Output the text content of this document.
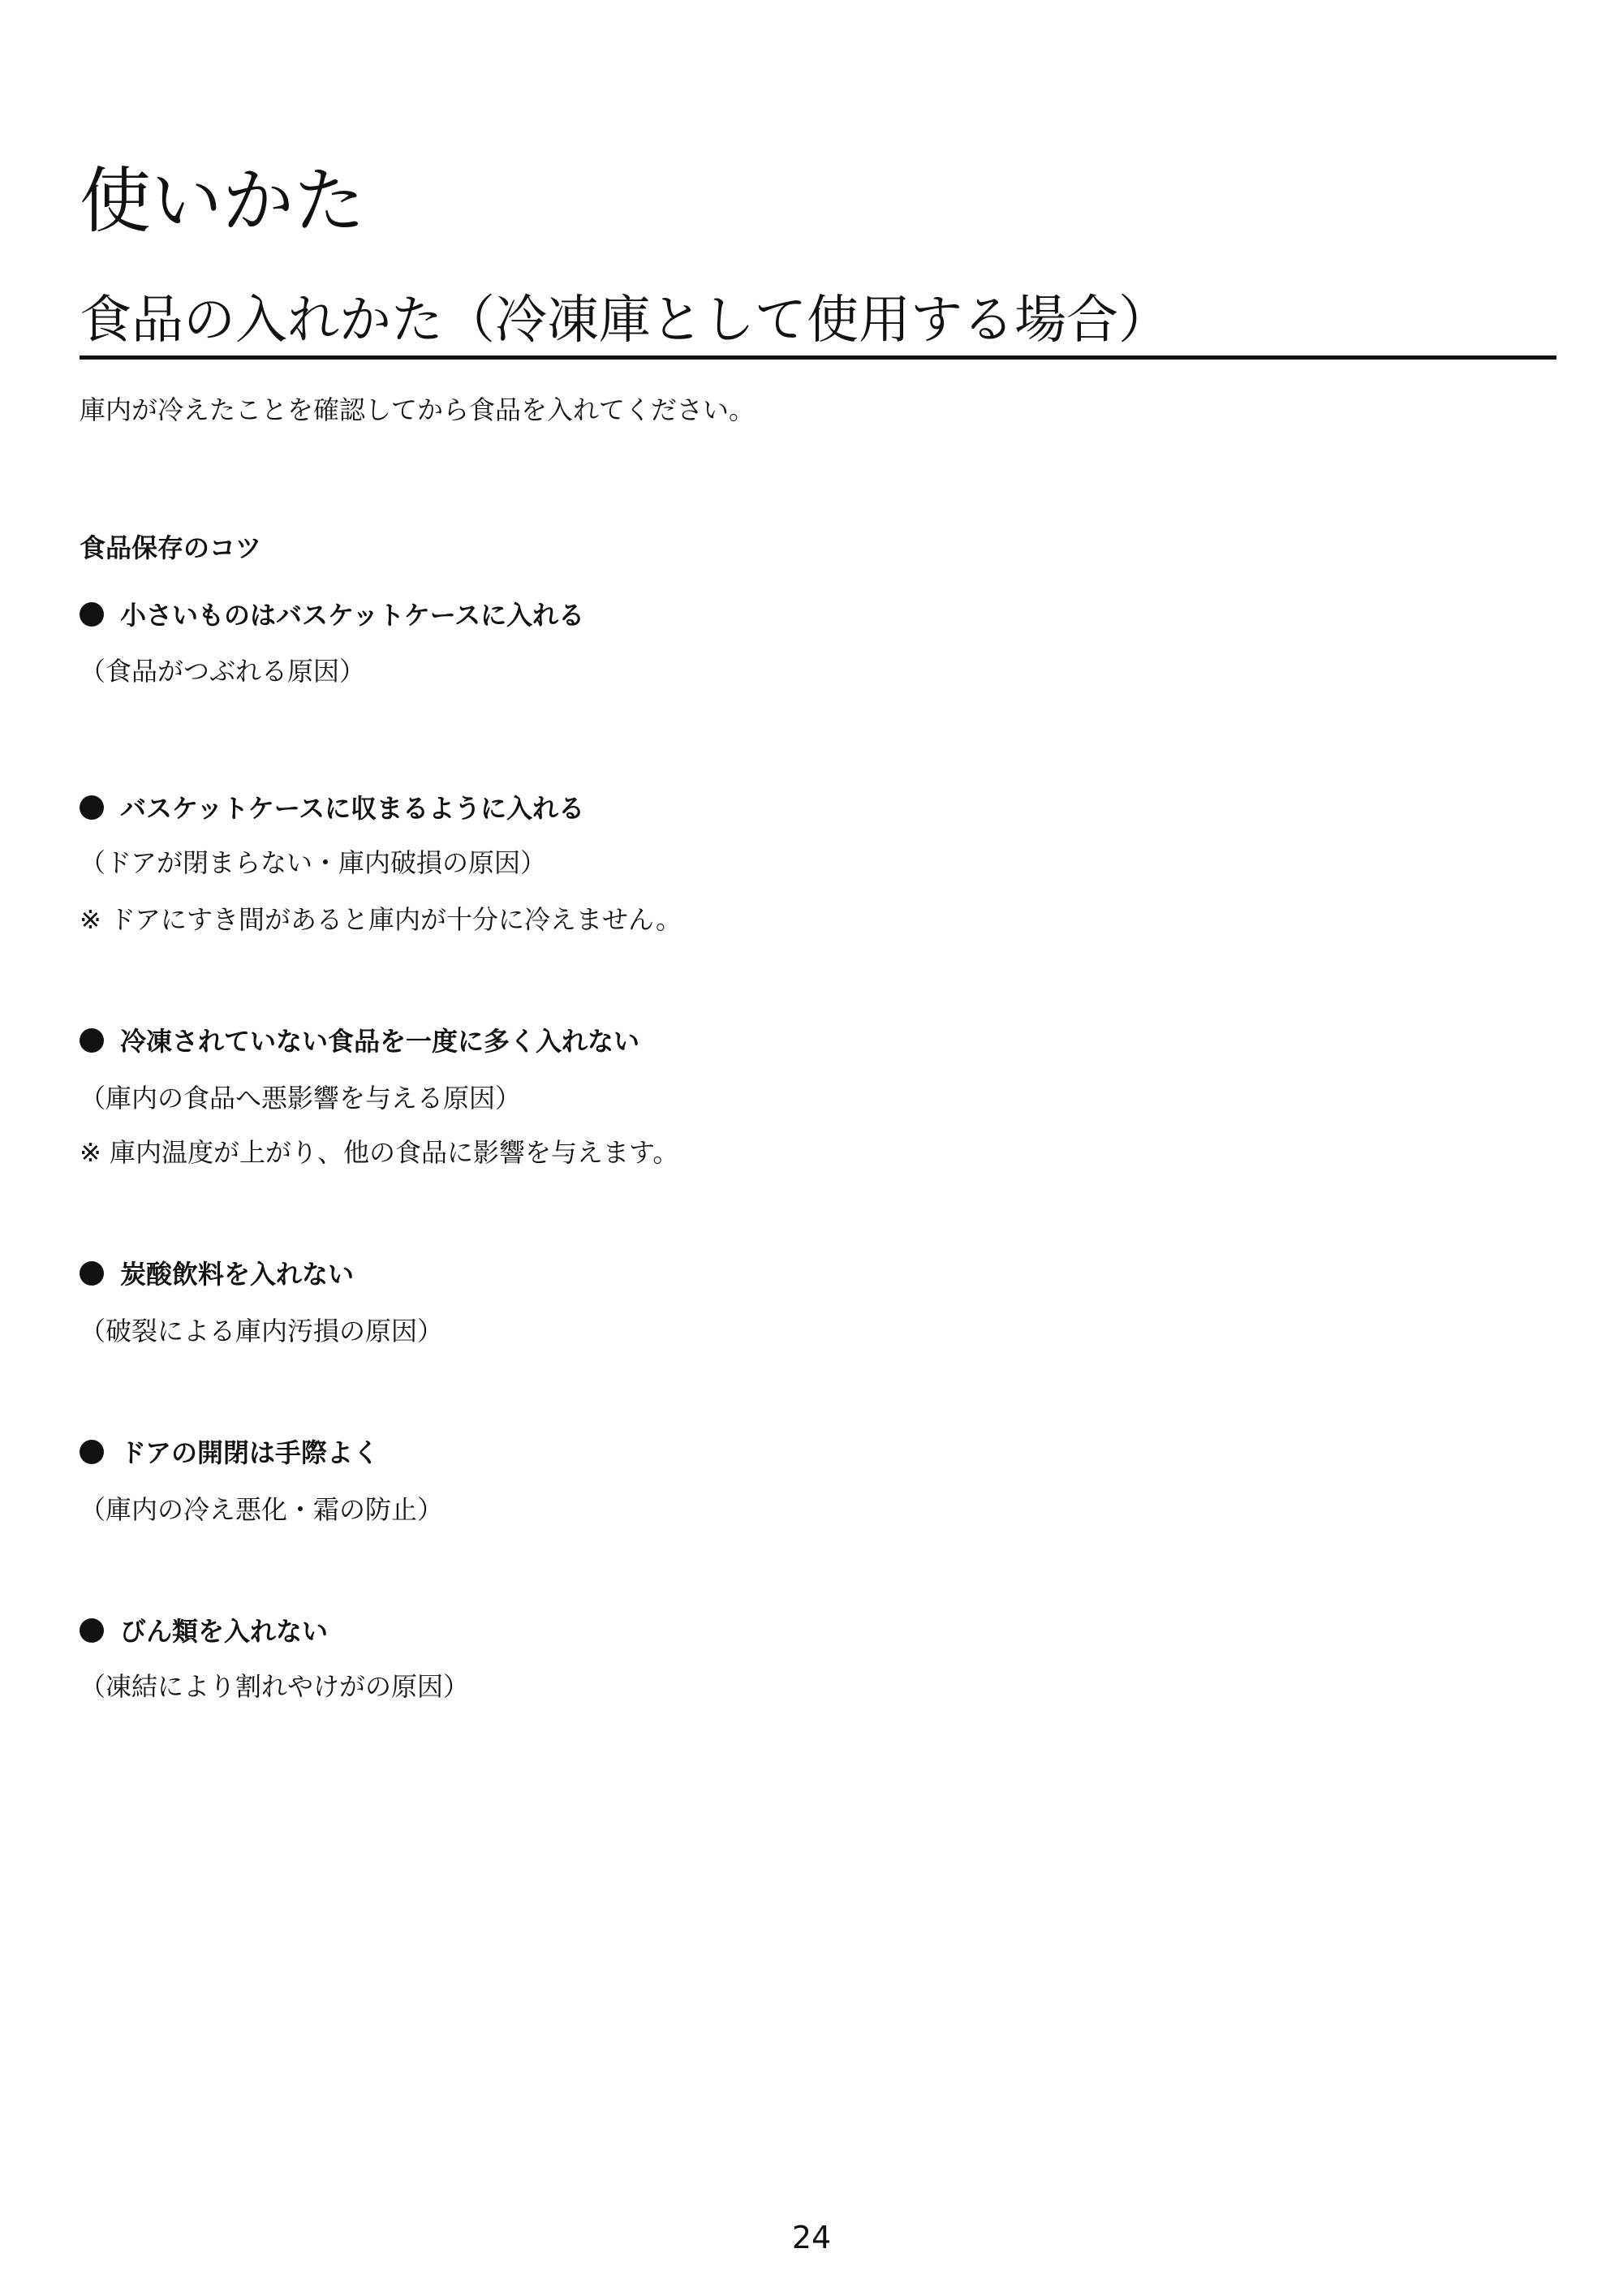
使いかた
食品の入れかた（冷凍庫として使用する場合）
庫内が冷えたことを確認してから食品を入れてください。
食品保存のコツ
小さいものはバスケットケースに入れる
（食品がつぶれる原因）
バスケットケースに収まるように入れる
（ドアが閉まらない・庫内破損の原因）
※ ドアにすき間があると庫内が十分に冷えません。
冷凍されていない食品を一度に多く入れない
（庫内の食品へ悪影響を与える原因）
※ 庫内温度が上がり、他の食品に影響を与えます。
炭酸飲料を入れない
（破裂による庫内汚損の原因）
ドアの開閉は手際よく
（庫内の冷え悪化・霜の防止）
びん類を入れない
（凍結により割れやけがの原因）
24
